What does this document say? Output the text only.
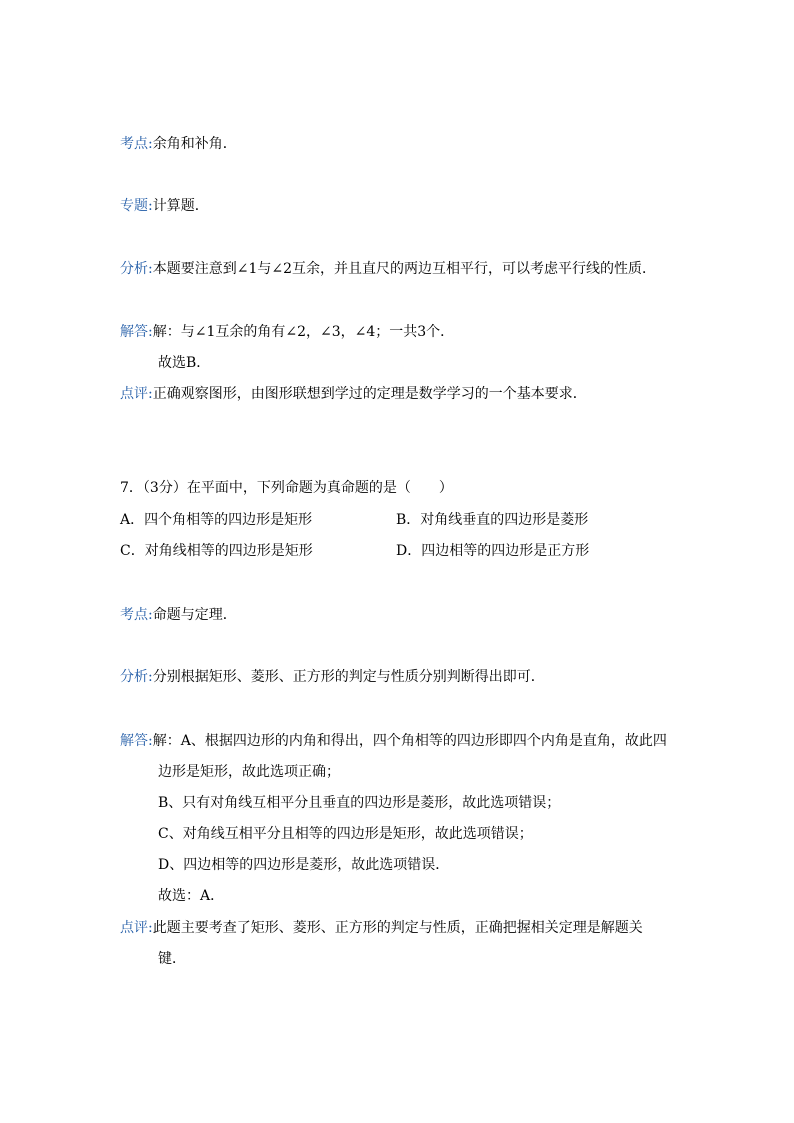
考点:余角和补角．
专题:计算题．
分析:本题要注意到∠1与∠2互余，并且直尺的两边互相平行，可以考虑平行线的性质．
解答:解：与∠1互余的角有∠2，∠3，∠4；一共3个．
故选B．
点评:正确观察图形，由图形联想到学过的定理是数学学习的一个基本要求．
7．（3分）在平面中，下列命题为真命题的是（　　）
A．四个角相等的四边形是矩形	B．对角线垂直的四边形是菱形
C．对角线相等的四边形是矩形	D．四边相等的四边形是正方形
考点:命题与定理．
分析:分别根据矩形、菱形、正方形的判定与性质分别判断得出即可．
解答:解：A、根据四边形的内角和得出，四个角相等的四边形即四个内角是直角，故此四
边形是矩形，故此选项正确；
B、只有对角线互相平分且垂直的四边形是菱形，故此选项错误；
C、对角线互相平分且相等的四边形是矩形，故此选项错误；
D、四边相等的四边形是菱形，故此选项错误．
故选：A．
点评:此题主要考查了矩形、菱形、正方形的判定与性质，正确把握相关定理是解题关
键．
